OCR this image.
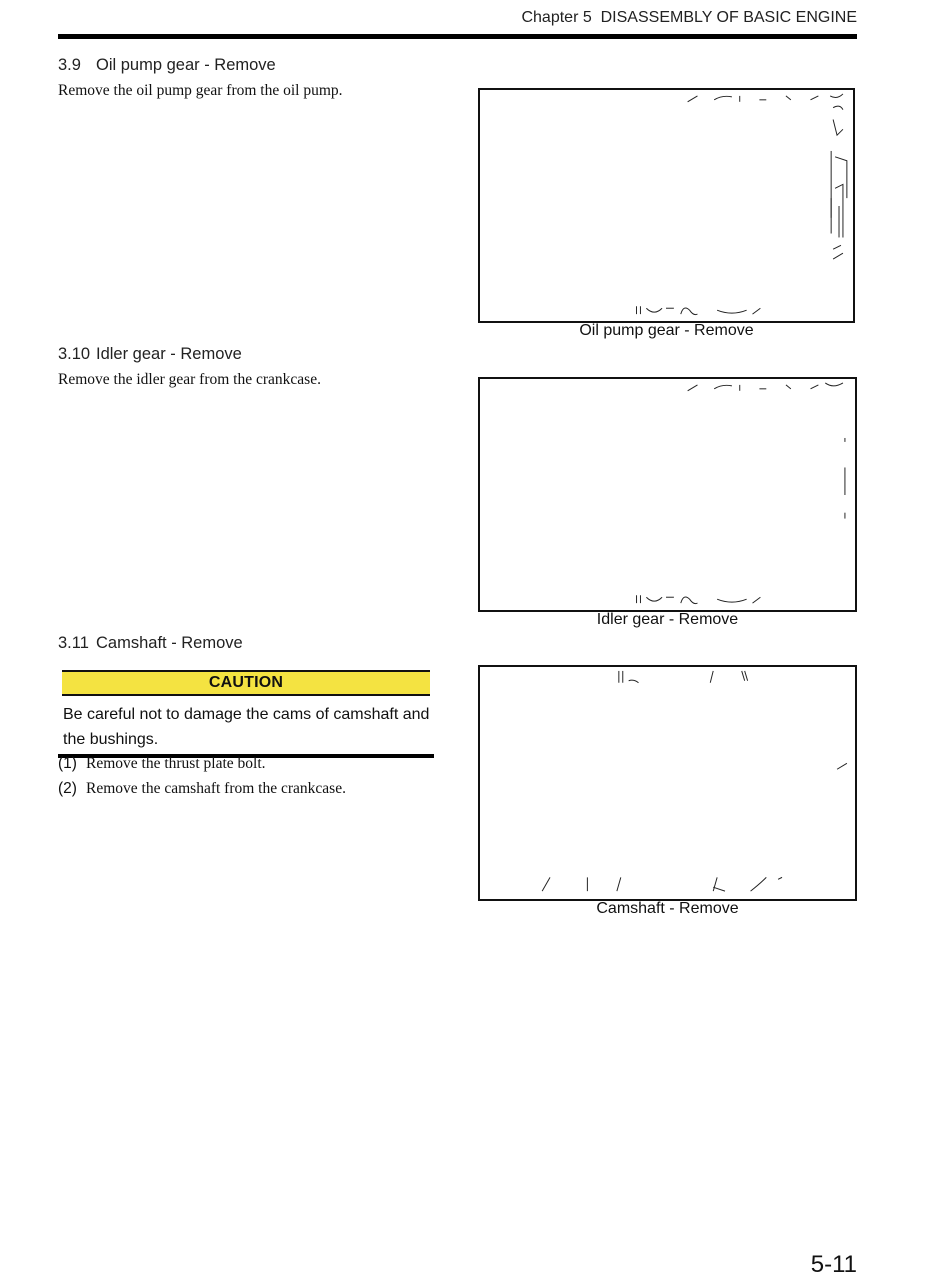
Chapter 5 DISASSEMBLY OF BASIC ENGINE
3.9 Oil pump gear - Remove
Remove the oil pump gear from the oil pump.
Oil pump gear - Remove
3.10 Idler gear - Remove
Remove the idler gear from the crankcase.
Idler gear - Remove
3.11 Camshaft - Remove
CAUTION
Be careful not to damage the cams of camshaft and
the bushings.
(1) Remove the thrust plate bolt.
(2) Remove the camshaft from the crankcase.
Camshaft - Remove
5-11
